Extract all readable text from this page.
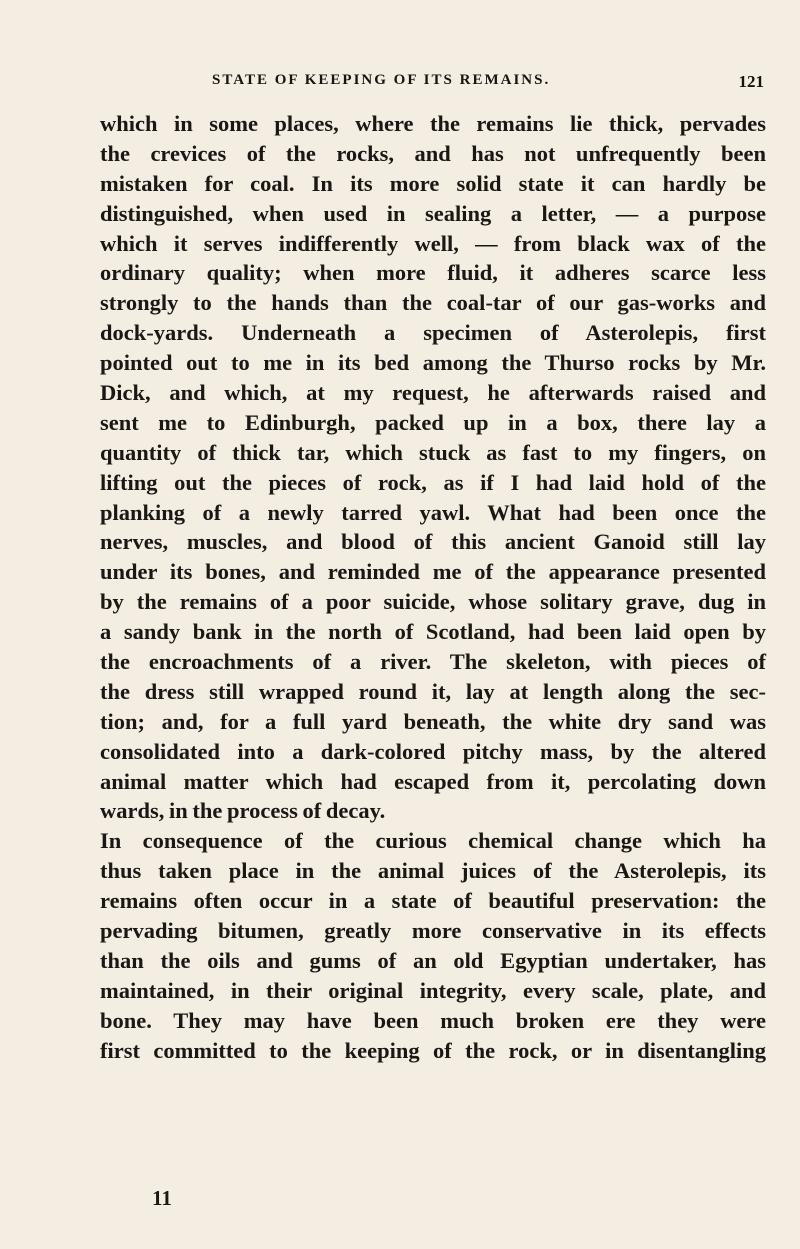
STATE OF KEEPING OF ITS REMAINS.	121
which in some places, where the remains lie thick, pervades
the crevices of the rocks, and has not unfrequently been
mistaken for coal. In its more solid state it can hardly be
distinguished, when used in sealing a letter, — a purpose
which it serves indifferently well, — from black wax of the
ordinary quality; when more fluid, it adheres scarce less
strongly to the hands than the coal-tar of our gas-works and
dock-yards. Underneath a specimen of Asterolepis, first
pointed out to me in its bed among the Thurso rocks by Mr.
Dick, and which, at my request, he afterwards raised and
sent me to Edinburgh, packed up in a box, there lay a
quantity of thick tar, which stuck as fast to my fingers, on
lifting out the pieces of rock, as if I had laid hold of the
planking of a newly tarred yawl. What had been once the
nerves, muscles, and blood of this ancient Ganoid still lay
under its bones, and reminded me of the appearance presented
by the remains of a poor suicide, whose solitary grave, dug in
a sandy bank in the north of Scotland, had been laid open by
the encroachments of a river. The skeleton, with pieces of
the dress still wrapped round it, lay at length along the sec-
tion; and, for a full yard beneath, the white dry sand was
consolidated into a dark-colored pitchy mass, by the altered
animal matter which had escaped from it, percolating down
wards, in the process of decay.
In consequence of the curious chemical change which ha
thus taken place in the animal juices of the Asterolepis, its
remains often occur in a state of beautiful preservation: the
pervading bitumen, greatly more conservative in its effects
than the oils and gums of an old Egyptian undertaker, has
maintained, in their original integrity, every scale, plate, and
bone. They may have been much broken ere they were
first committed to the keeping of the rock, or in disentangling
11
